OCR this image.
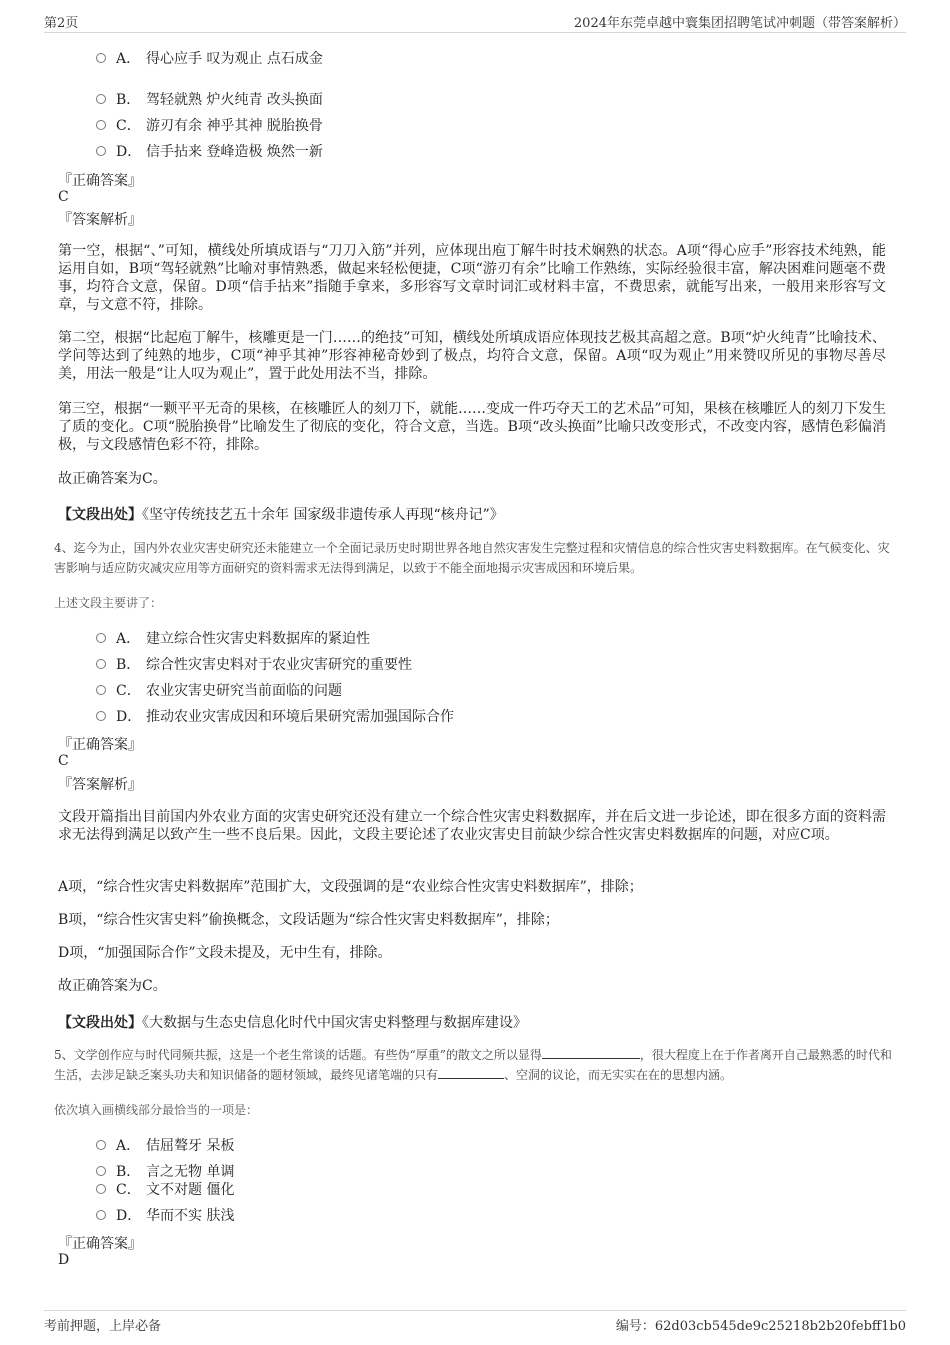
第2页	2024年东莞卓越中寰集团招聘笔试冲刺题（带答案解析）
A． 得心应手 叹为观止 点石成金
B． 驾轻就熟 炉火纯青 改头换面
C． 游刃有余 神乎其神 脱胎换骨
D． 信手拈来 登峰造极 焕然一新
『正确答案』
C
『答案解析』

第一空，根据“、”可知，横线处所填成语与“刀刀入筋”并列，应体现出庖丁解牛时技术娴熟的状态。A项“得心应手”形容技术纯熟，能运用自如，B项“驾轻就熟”比喻对事情熟悉，做起来轻松便捷，C项“游刃有余”比喻工作熟练，实际经验很丰富，解决困难问题毫不费事，均符合文意，保留。D项“信手拈来”指随手拿来，多形容写文章时词汇或材料丰富，不费思索，就能写出来，一般用来形容写文章，与文意不符，排除。

第二空，根据“比起庖丁解牛，核雕更是一门……的绝技”可知，横线处所填成语应体现技艺极其高超之意。B项“炉火纯青”比喻技术、学问等达到了纯熟的地步，C项“神乎其神”形容神秘奇妙到了极点，均符合文意，保留。A项“叹为观止”用来赞叹所见的事物尽善尽美，用法一般是“让人叹为观止”，置于此处用法不当，排除。

第三空，根据“一颗平平无奇的果核，在核雕匠人的刻刀下，就能……变成一件巧夺天工的艺术品”可知，果核在核雕匠人的刻刀下发生了质的变化。C项“脱胎换骨”比喻发生了彻底的变化，符合文意，当选。B项“改头换面”比喻只改变形式，不改变内容，感情色彩偏消极，与文段感情色彩不符，排除。

故正确答案为C。

【文段出处】《坚守传统技艺五十余年 国家级非遗传承人再现“核舟记”》

4、迄今为止，国内外农业灾害史研究还未能建立一个全面记录历史时期世界各地自然灾害发生完整过程和灾情信息的综合性灾害史料数据库。在气候变化、灾害影响与适应防灾减灾应用等方面研究的资料需求无法得到满足，以致于不能全面地揭示灾害成因和环境后果。

上述文段主要讲了：
A． 建立综合性灾害史料数据库的紧迫性
B． 综合性灾害史料对于农业灾害研究的重要性
C． 农业灾害史研究当前面临的问题
D． 推动农业灾害成因和环境后果研究需加强国际合作
『正确答案』
C
『答案解析』

文段开篇指出目前国内外农业方面的灾害史研究还没有建立一个综合性灾害史料数据库，并在后文进一步论述，即在很多方面的资料需求无法得到满足以致产生一些不良后果。因此，文段主要论述了农业灾害史目前缺少综合性灾害史料数据库的问题，对应C项。

A项，“综合性灾害史料数据库”范围扩大，文段强调的是“农业综合性灾害史料数据库”，排除；

B项，“综合性灾害史料”偷换概念，文段话题为“综合性灾害史料数据库”，排除；

D项，“加强国际合作”文段未提及，无中生有，排除。

故正确答案为C。

【文段出处】《大数据与生态史信息化时代中国灾害史料整理与数据库建设》

5、文学创作应与时代同频共振，这是一个老生常谈的话题。有些伪“厚重”的散文之所以显得	，很大程度上在于作者离开自己最熟悉的时代和生活，去涉足缺乏案头功夫和知识储备的题材领域，最终见诸笔端的只有	、空洞的议论，而无实实在在的思想内涵。

依次填入画横线部分最恰当的一项是：
A． 佶屈聱牙 呆板
B． 言之无物 单调
C． 文不对题 僵化
D． 华而不实 肤浅
『正确答案』
D
考前押题，上岸必备	编号：62d03cb545de9c25218b2b20febff1b0
